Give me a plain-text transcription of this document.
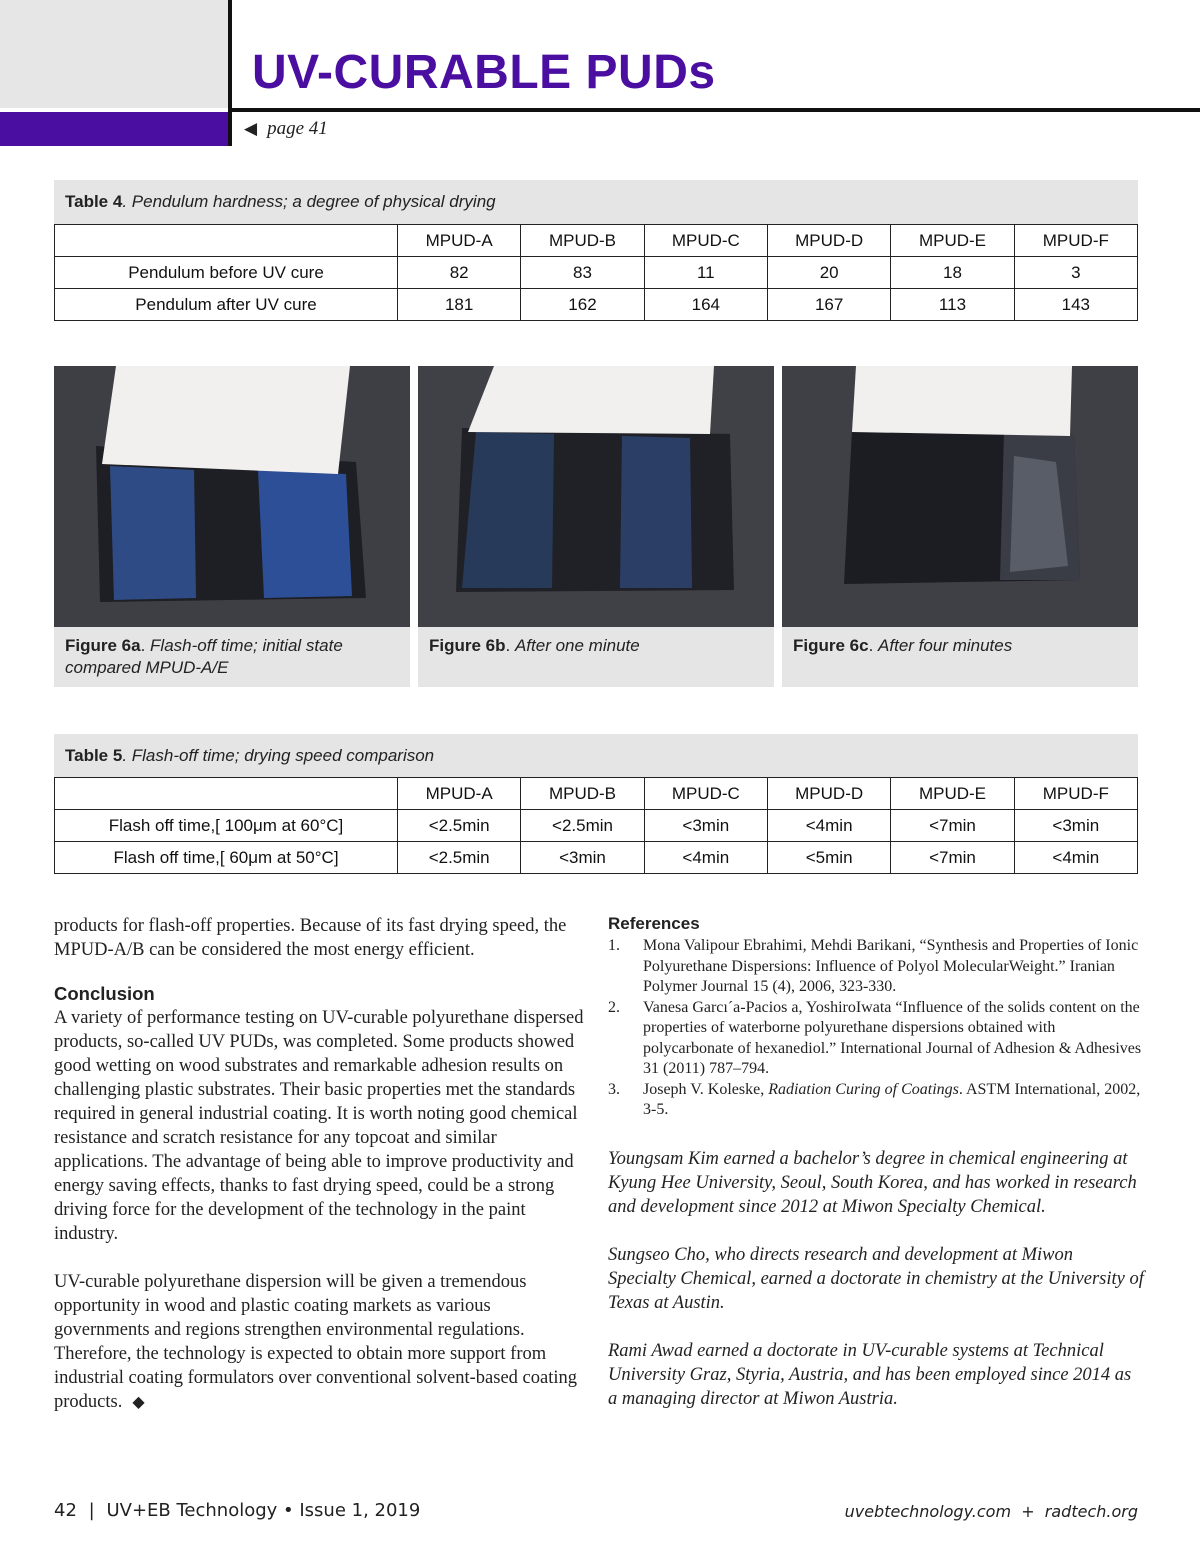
UV-CURABLE PUDs
◀ page 41
Table 4. Pendulum hardness; a degree of physical drying
	MPUD-A	MPUD-B	MPUD-C	MPUD-D	MPUD-E	MPUD-F
Pendulum before UV cure	82	83	11	20	18	3
Pendulum after UV cure	181	162	164	167	113	143
Figure 6a. Flash-off time; initial state compared MPUD-A/E
Figure 6b. After one minute	Figure 6c. After four minutes
Table 5. Flash-off time; drying speed comparison
	MPUD-A	MPUD-B	MPUD-C	MPUD-D	MPUD-E	MPUD-F
Flash off time,[ 100μm at 60°C]	<2.5min	<2.5min	<3min	<4min	<7min	<3min
Flash off time,[ 60μm at 50°C]	<2.5min	<3min	<4min	<5min	<7min	<4min

products for flash-off properties. Because of its fast drying speed, the MPUD-A/B can be considered the most energy efficient.

Conclusion

A variety of performance testing on UV-curable polyurethane dispersed products, so-called UV PUDs, was completed. Some products showed good wetting on wood substrates and remarkable adhesion results on challenging plastic substrates. Their basic properties met the standards required in general industrial coating. It is worth noting good chemical resistance and scratch resistance for any topcoat and similar applications. The advantage of being able to improve productivity and energy saving effects, thanks to fast drying speed, could be a strong driving force for the development of the technology in the paint industry.

UV-curable polyurethane dispersion will be given a tremendous opportunity in wood and plastic coating markets as various governments and regions strengthen environmental regulations. Therefore, the technology is expected to obtain more support from industrial coating formulators over conventional solvent-based coating products. ◆

References

1. Mona Valipour Ebrahimi, Mehdi Barikani, “Synthesis and Properties of Ionic Polyurethane Dispersions: Influence of Polyol MolecularWeight.” Iranian Polymer Journal 15 (4), 2006, 323-330.

2. Vanesa Garcı´a-Pacios a, YoshiroIwata “Influence of the solids content on the properties of waterborne polyurethane dispersions obtained with polycarbonate of hexanediol.” International Journal of Adhesion & Adhesives 31 (2011) 787–794.

3. Joseph V. Koleske, Radiation Curing of Coatings. ASTM International, 2002, 3-5.

Youngsam Kim earned a bachelor’s degree in chemical engineering at Kyung Hee University, Seoul, South Korea, and has worked in research and development since 2012 at Miwon Specialty Chemical.

Sungseo Cho, who directs research and development at Miwon Specialty Chemical, earned a doctorate in chemistry at the University of Texas at Austin.

Rami Awad earned a doctorate in UV-curable systems at Technical University Graz, Styria, Austria, and has been employed since 2014 as a managing director at Miwon Austria.

42 | UV+EB Technology • Issue 1, 2019	uvebtechnology.com  +  radtech.org
